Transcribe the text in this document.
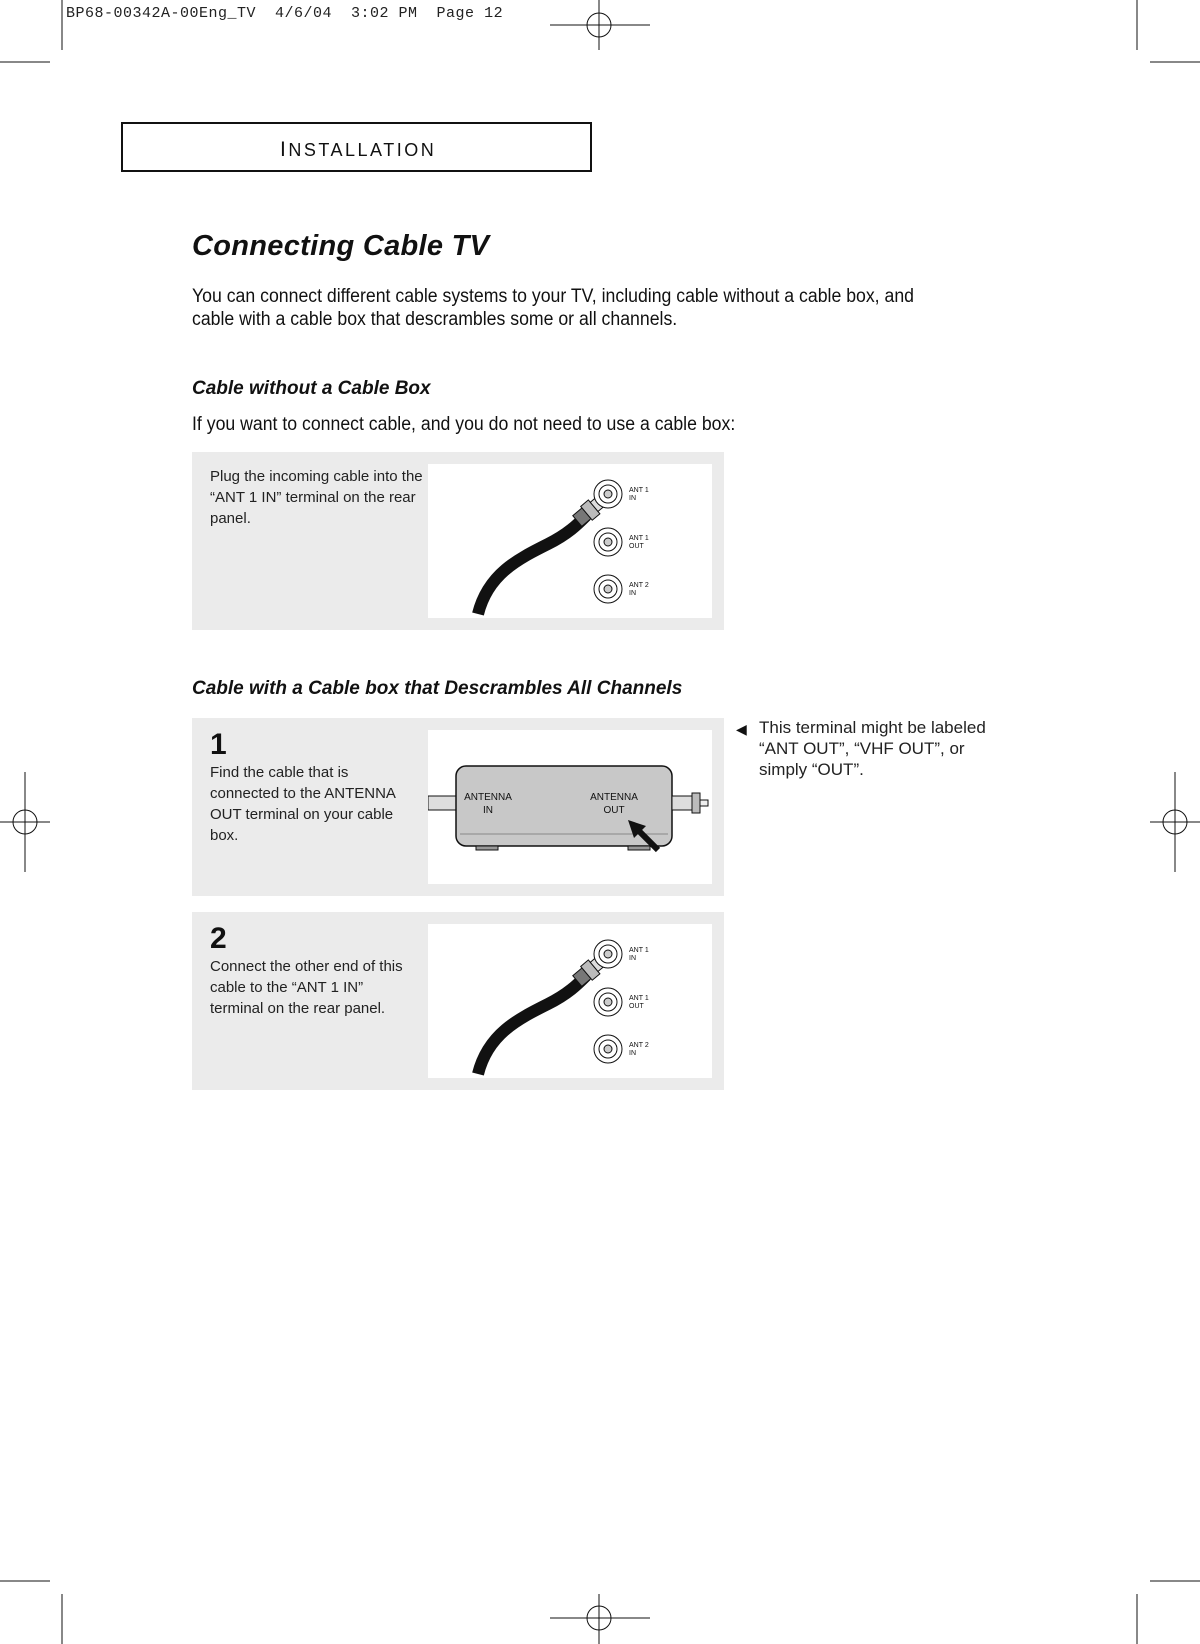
BP68-00342A-00Eng_TV  4/6/04  3:02 PM  Page 12
INSTALLATION
Connecting Cable TV

You can connect different cable systems to your TV, including cable without a cable box, and cable with a cable box that descrambles some or all channels.

Cable without a Cable Box
If you want to connect cable, and you do not need to use a cable box:
Plug the incoming cable into the “ANT 1 IN” terminal on the rear panel.
ANT 1
IN
ANT 1
OUT
ANT 2
IN
Cable with a Cable box that Descrambles All Channels
1
Find the cable that is connected to the ANTENNA OUT terminal on your cable box.
ANTENNA
IN
ANTENNA
OUT
◀ This terminal might be labeled “ANT OUT”, “VHF OUT”, or simply “OUT”.
2
Connect the other end of this cable to the “ANT 1 IN” terminal on the rear panel.
ANT 1
IN
ANT 1
OUT
ANT 2
IN
